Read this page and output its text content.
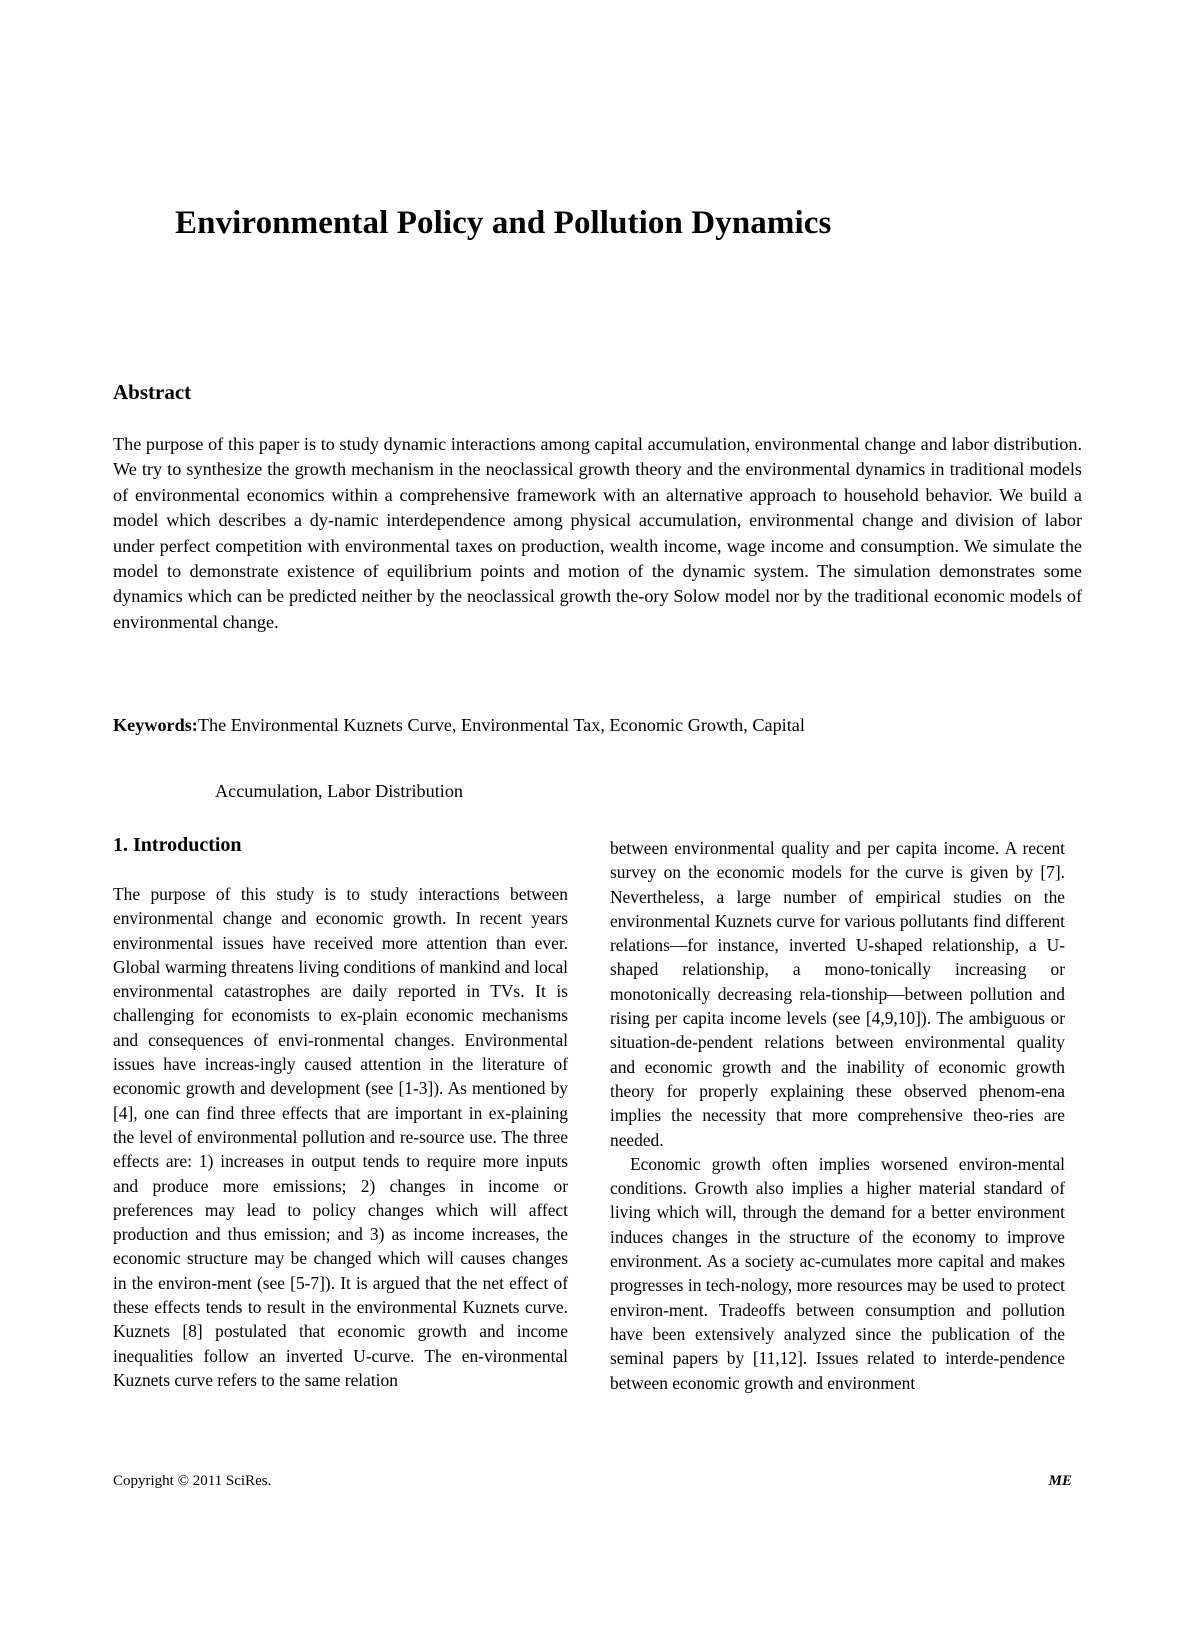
Environmental Policy and Pollution Dynamics
Abstract

The purpose of this paper is to study dynamic interactions among capital accumulation, environmental change and labor distribution. We try to synthesize the growth mechanism in the neoclassical growth theory and the environmental dynamics in traditional models of environmental economics within a comprehensive framework with an alternative approach to household behavior. We build a model which describes a dy-namic interdependence among physical accumulation, environmental change and division of labor under perfect competition with environmental taxes on production, wealth income, wage income and consumption. We simulate the model to demonstrate existence of equilibrium points and motion of the dynamic system. The simulation demonstrates some dynamics which can be predicted neither by the neoclassical growth the-ory Solow model nor by the traditional economic models of environmental change.

Keywords:The Environmental Kuznets Curve, Environmental Tax, Economic Growth, Capital

Accumulation, Labor Distribution

1. Introduction

The purpose of this study is to study interactions between environmental change and economic growth. In recent years environmental issues have received more attention than ever. Global warming threatens living conditions of mankind and local environmental catastrophes are daily reported in TVs. It is challenging for economists to ex-plain economic mechanisms and consequences of envi-ronmental changes. Environmental issues have increas-ingly caused attention in the literature of economic growth and development (see [1-3]). As mentioned by [4], one can find three effects that are important in ex-plaining the level of environmental pollution and re-source use. The three effects are: 1) increases in output tends to require more inputs and produce more emissions; 2) changes in income or preferences may lead to policy changes which will affect production and thus emission; and 3) as income increases, the economic structure may be changed which will causes changes in the environ-ment (see [5-7]). It is argued that the net effect of these effects tends to result in the environmental Kuznets curve. Kuznets [8] postulated that economic growth and income inequalities follow an inverted U-curve. The en-vironmental Kuznets curve refers to the same relation

between environmental quality and per capita income. A recent survey on the economic models for the curve is given by [7]. Nevertheless, a large number of empirical studies on the environmental Kuznets curve for various pollutants find different relations—for instance, inverted U-shaped relationship, a U-shaped relationship, a mono-tonically increasing or monotonically decreasing rela-tionship—between pollution and rising per capita income levels (see [4,9,10]). The ambiguous or situation-de-pendent relations between environmental quality and economic growth and the inability of economic growth theory for properly explaining these observed phenom-ena implies the necessity that more comprehensive theo-ries are needed.

Economic growth often implies worsened environ-mental conditions. Growth also implies a higher material standard of living which will, through the demand for a better environment induces changes in the structure of the economy to improve environment. As a society ac-cumulates more capital and makes progresses in tech-nology, more resources may be used to protect environ-ment. Tradeoffs between consumption and pollution have been extensively analyzed since the publication of the seminal papers by [11,12]. Issues related to interde-pendence between economic growth and environment

Copyright © 2011 SciRes.	ME
